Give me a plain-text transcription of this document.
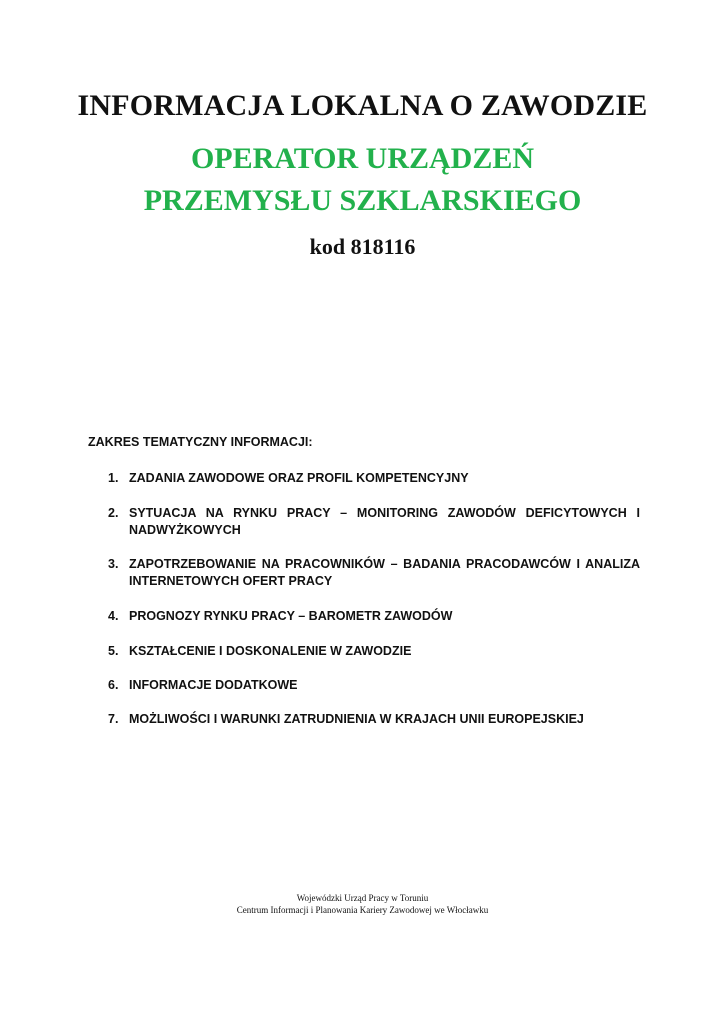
INFORMACJA LOKALNA O ZAWODZIE
OPERATOR URZĄDZEŃ
PRZEMYSŁU SZKLARSKIEGO

kod 818116

ZAKRES TEMATYCZNY INFORMACJI:

1. ZADANIA ZAWODOWE ORAZ PROFIL KOMPETENCYJNY
2. SYTUACJA NA RYNKU PRACY – MONITORING ZAWODÓW DEFICYTOWYCH I NADWYŻKOWYCH
3. ZAPOTRZEBOWANIE NA PRACOWNIKÓW – BADANIA PRACODAWCÓW I ANALIZA INTERNETOWYCH OFERT PRACY
4. PROGNOZY RYNKU PRACY – BAROMETR ZAWODÓW
5. KSZTAŁCENIE I DOSKONALENIE W ZAWODZIE
6. INFORMACJE DODATKOWE
7. MOŻLIWOŚCI I WARUNKI ZATRUDNIENIA W KRAJACH UNII EUROPEJSKIEJ

Wojewódzki Urząd Pracy w Toruniu
Centrum Informacji i Planowania Kariery Zawodowej we Włocławku
